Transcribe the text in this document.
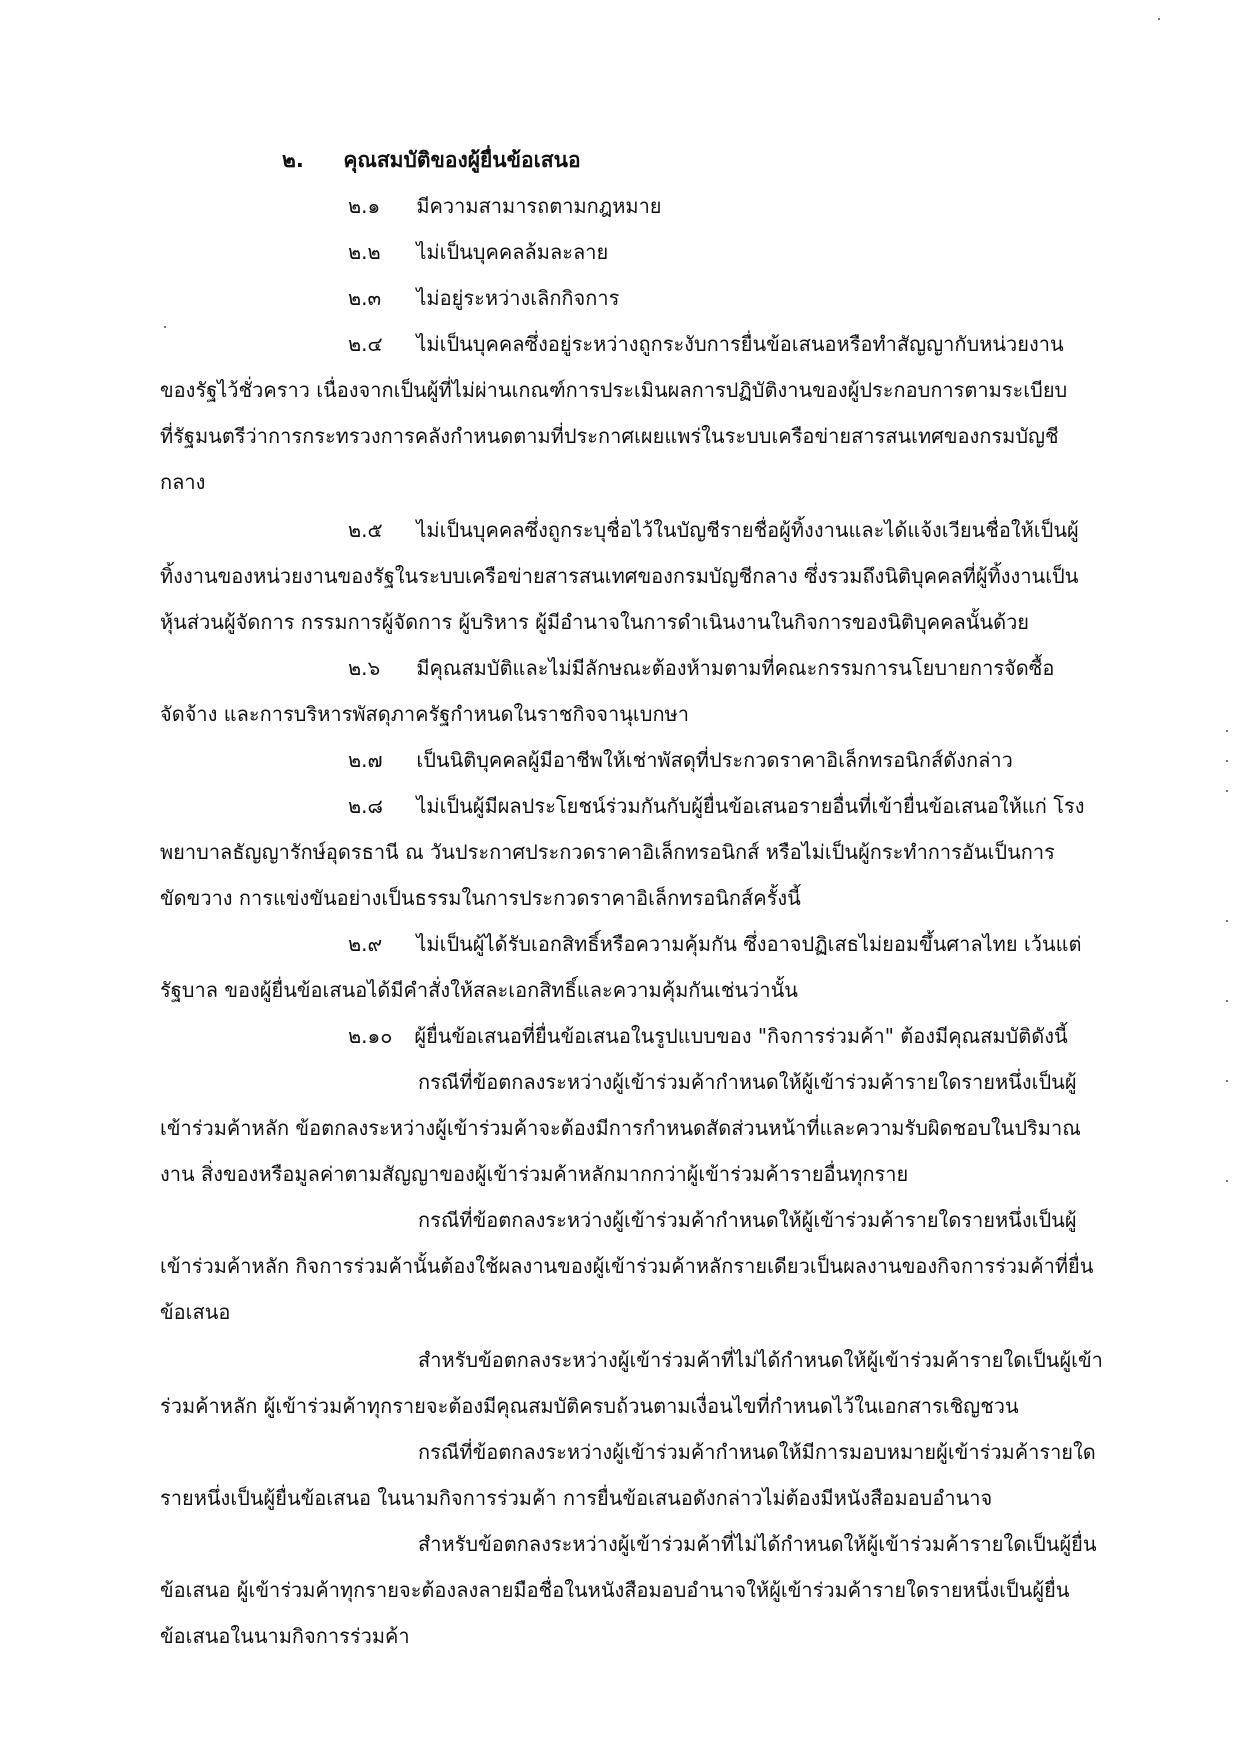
๒. คุณสมบัติของผู้ยื่นข้อเสนอ
๒.๑ มีความสามารถตามกฎหมาย
๒.๒ ไม่เป็นบุคคลล้มละลาย
๒.๓ ไม่อยู่ระหว่างเลิกกิจการ
๒.๔ ไม่เป็นบุคคลซึ่งอยู่ระหว่างถูกระงับการยื่นข้อเสนอหรือทำสัญญากับหน่วยงาน
ของรัฐไว้ชั่วคราว เนื่องจากเป็นผู้ที่ไม่ผ่านเกณฑ์การประเมินผลการปฏิบัติงานของผู้ประกอบการตามระเบียบ
ที่รัฐมนตรีว่าการกระทรวงการคลังกำหนดตามที่ประกาศเผยแพร่ในระบบเครือข่ายสารสนเทศของกรมบัญชี
กลาง
๒.๕ ไม่เป็นบุคคลซึ่งถูกระบุชื่อไว้ในบัญชีรายชื่อผู้ทิ้งงานและได้แจ้งเวียนชื่อให้เป็นผู้
ทิ้งงานของหน่วยงานของรัฐในระบบเครือข่ายสารสนเทศของกรมบัญชีกลาง ซึ่งรวมถึงนิติบุคคลที่ผู้ทิ้งงานเป็น
หุ้นส่วนผู้จัดการ กรรมการผู้จัดการ ผู้บริหาร ผู้มีอำนาจในการดำเนินงานในกิจการของนิติบุคคลนั้นด้วย
๒.๖ มีคุณสมบัติและไม่มีลักษณะต้องห้ามตามที่คณะกรรมการนโยบายการจัดซื้อ
จัดจ้าง และการบริหารพัสดุภาครัฐกำหนดในราชกิจจานุเบกษา
๒.๗ เป็นนิติบุคคลผู้มีอาชีพให้เช่าพัสดุที่ประกวดราคาอิเล็กทรอนิกส์ดังกล่าว
๒.๘ ไม่เป็นผู้มีผลประโยชน์ร่วมกันกับผู้ยื่นข้อเสนอรายอื่นที่เข้ายื่นข้อเสนอให้แก่ โรง
พยาบาลธัญญารักษ์อุดรธานี ณ วันประกาศประกวดราคาอิเล็กทรอนิกส์ หรือไม่เป็นผู้กระทำการอันเป็นการ
ขัดขวาง การแข่งขันอย่างเป็นธรรมในการประกวดราคาอิเล็กทรอนิกส์ครั้งนี้
๒.๙ ไม่เป็นผู้ได้รับเอกสิทธิ์หรือความคุ้มกัน ซึ่งอาจปฏิเสธไม่ยอมขึ้นศาลไทย เว้นแต่
รัฐบาล ของผู้ยื่นข้อเสนอได้มีคำสั่งให้สละเอกสิทธิ์และความคุ้มกันเช่นว่านั้น
๒.๑๐ ผู้ยื่นข้อเสนอที่ยื่นข้อเสนอในรูปแบบของ "กิจการร่วมค้า" ต้องมีคุณสมบัติดังนี้
กรณีที่ข้อตกลงระหว่างผู้เข้าร่วมค้ากำหนดให้ผู้เข้าร่วมค้ารายใดรายหนึ่งเป็นผู้
เข้าร่วมค้าหลัก ข้อตกลงระหว่างผู้เข้าร่วมค้าจะต้องมีการกำหนดสัดส่วนหน้าที่และความรับผิดชอบในปริมาณ
งาน สิ่งของหรือมูลค่าตามสัญญาของผู้เข้าร่วมค้าหลักมากกว่าผู้เข้าร่วมค้ารายอื่นทุกราย
กรณีที่ข้อตกลงระหว่างผู้เข้าร่วมค้ากำหนดให้ผู้เข้าร่วมค้ารายใดรายหนึ่งเป็นผู้
เข้าร่วมค้าหลัก กิจการร่วมค้านั้นต้องใช้ผลงานของผู้เข้าร่วมค้าหลักรายเดียวเป็นผลงานของกิจการร่วมค้าที่ยื่น
ข้อเสนอ
สำหรับข้อตกลงระหว่างผู้เข้าร่วมค้าที่ไม่ได้กำหนดให้ผู้เข้าร่วมค้ารายใดเป็นผู้เข้า
ร่วมค้าหลัก ผู้เข้าร่วมค้าทุกรายจะต้องมีคุณสมบัติครบถ้วนตามเงื่อนไขที่กำหนดไว้ในเอกสารเชิญชวน
กรณีที่ข้อตกลงระหว่างผู้เข้าร่วมค้ากำหนดให้มีการมอบหมายผู้เข้าร่วมค้ารายใด
รายหนึ่งเป็นผู้ยื่นข้อเสนอ ในนามกิจการร่วมค้า การยื่นข้อเสนอดังกล่าวไม่ต้องมีหนังสือมอบอำนาจ
สำหรับข้อตกลงระหว่างผู้เข้าร่วมค้าที่ไม่ได้กำหนดให้ผู้เข้าร่วมค้ารายใดเป็นผู้ยื่น
ข้อเสนอ ผู้เข้าร่วมค้าทุกรายจะต้องลงลายมือชื่อในหนังสือมอบอำนาจให้ผู้เข้าร่วมค้ารายใดรายหนึ่งเป็นผู้ยื่น
ข้อเสนอในนามกิจการร่วมค้า
